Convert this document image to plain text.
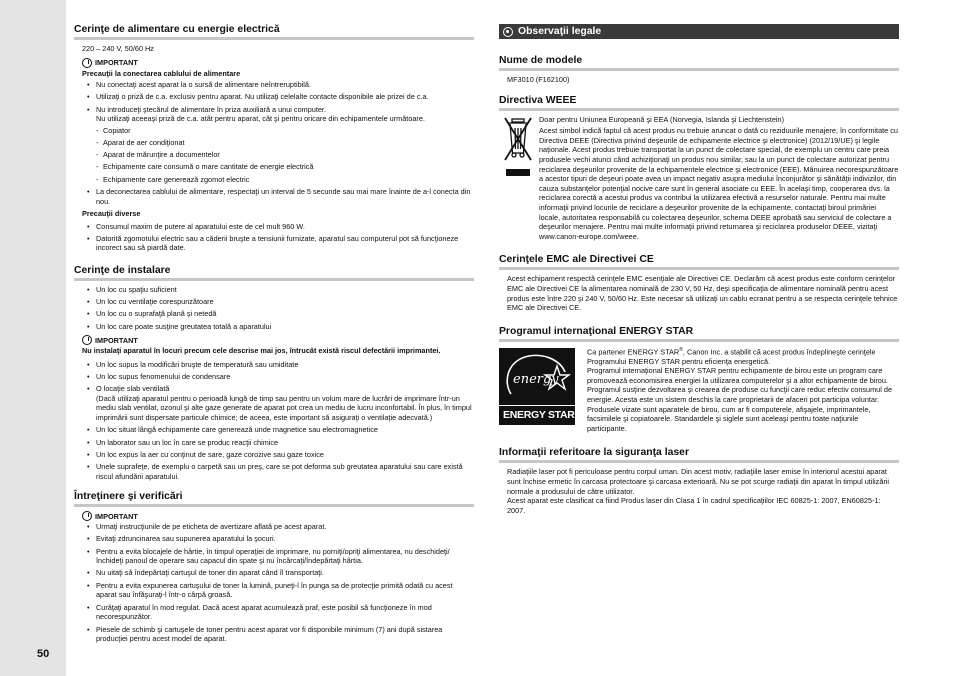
50
Cerinţe de alimentare cu energie electrică
220 – 240 V, 50/60 Hz
IMPORTANT
Precauţii la conectarea cablului de alimentare
• Nu conectaţi acest aparat la o sursă de alimentare neîntreruptibilă.
• Utilizaţi o priză de c.a. exclusiv pentru aparat. Nu utilizaţi celelalte contacte disponibile ale prizei de c.a.
• Nu introduceţi ştecărul de alimentare în priza auxiliară a unui computer.
Nu utilizaţi aceeaşi priză de c.a. atât pentru aparat, cât şi pentru oricare din echipamentele următoare.
- Copiator
- Aparat de aer condiţionat
- Aparat de mărunţire a documentelor
- Echipamente care consumă o mare cantitate de energie electrică
- Echipamente care generează zgomot electric
• La deconectarea cablului de alimentare, respectaţi un interval de 5 secunde sau mai mare înainte de a-l conecta din nou.
Precauţii diverse
• Consumul maxim de putere al aparatului este de cel mult 960 W.
• Datorită zgomotului electric sau a căderii bruşte a tensiunii furnizate, aparatul sau computerul pot să funcţioneze incorect sau să piardă date.
Cerinţe de instalare
• Un loc cu spaţiu suficient
• Un loc cu ventilaţie corespunzătoare
• Un loc cu o suprafaţă plană şi netedă
• Un loc care poate susţine greutatea totală a aparatului
IMPORTANT
Nu instalaţi aparatul în locuri precum cele descrise mai jos, întrucât există riscul defectării imprimantei.
• Un loc supus la modificări bruşte de temperatură sau umiditate
• Un loc supus fenomenului de condensare
• O locaţie slab ventilată
(Dacă utilizaţi aparatul pentru o perioadă lungă de timp sau pentru un volum mare de lucrări de imprimare într-un mediu slab ventilat, ozonul şi alte gaze generate de aparat pot crea un mediu de lucru inconfortabil. În plus, în timpul imprimării sunt dispersate particule chimice; de aceea, este important să asiguraţi o ventilaţie adecvată.)
• Un loc situat lângă echipamente care generează unde magnetice sau electromagnetice
• Un laborator sau un loc în care se produc reacţii chimice
• Un loc expus la aer cu conţinut de sare, gaze corozive sau gaze toxice
• Unele suprafeţe, de exemplu o carpetă sau un preş, care se pot deforma sub greutatea aparatului sau care există riscul afundării aparatului.
Întreţinere şi verificări
IMPORTANT
• Urmaţi instrucţiunile de pe eticheta de avertizare aflată pe acest aparat.
• Evitaţi zdruncinarea sau supunerea aparatului la şocuri.
• Pentru a evita blocajele de hârtie, în timpul operaţiei de imprimare, nu porniţi/opriţi alimentarea, nu deschideţi/închideţi panoul de operare sau capacul din spate şi nu încărcaţi/îndepărtaţi hârtia.
• Nu uitaţi să îndepărtaţi cartuşul de toner din aparat când îl transportaţi.
• Pentru a evita expunerea cartuşului de toner la lumină, puneţi-l în punga sa de protecţie primită odată cu acest aparat sau înfăşuraţi-l într-o cârpă groasă.
• Curăţaţi aparatul în mod regulat. Dacă acest aparat acumulează praf, este posibil să funcţioneze în mod necorespunzător.
• Piesele de schimb şi cartuşele de toner pentru acest aparat vor fi disponibile minimum (7) ani după sistarea producţiei pentru acest model de aparat.
Observaţii legale
Nume de modele
MF3010 (F162100)
Directiva WEEE
Doar pentru Uniunea Europeană şi EEA (Norvegia, Islanda şi Liechtenstein)
Acest simbol indică faptul că acest produs nu trebuie aruncat o dată cu reziduurile menajere, în conformitate cu Directiva DEEE (Directiva privind deşeurile de echipamente electrice şi electronice) (2012/19/UE) şi legile naţionale. Acest produs trebuie transportat la un punct de colectare special, de exemplu un centru care preia produsele vechi atunci când achiziţionaţi un produs nou similar, sau la un punct de colectare autorizat pentru reciclarea deşeurilor provenite de la echipamentele electrice şi electronice (EEE). Mânuirea necorespunzătoare a acestor tipuri de deşeuri poate avea un impact negativ asupra mediului înconjurător şi sănătăţii indivizilor, din cauza substanţelor potenţial nocive care sunt în general asociate cu EEE. În acelaşi timp, cooperarea dvs. la reciclarea corectă a acestui produs va contribui la utilizarea efectivă a resurselor naturale. Pentru mai multe informaţii privind locurile de reciclare a deşeurilor provenite de la echipamente, contactaţi biroul primăriei locale, autoritatea responsabilă cu colectarea deşeurilor, schema DEEE aprobată sau serviciul de colectare a deşeurilor menajere. Pentru mai multe informaţii privind returnarea şi reciclarea produselor DEEE, vizitaţi www.canon-europe.com/weee.
Cerinţele EMC ale Directivei CE
Acest echipament respectă cerinţele EMC esenţiale ale Directivei CE. Declarăm că acest produs este conform cerinţelor EMC ale Directivei CE la alimentarea nominală de 230 V, 50 Hz, deşi specificaţia de alimentare nominală pentru acest produs este între 220 şi 240 V, 50/60 Hz. Este necesar să utilizaţi un cablu ecranat pentru a se respecta cerinţele tehnice EMC ale Directivei CE.
Programul internaţional ENERGY STAR
energy
ENERGY STAR
Ca partener ENERGY STAR®, Canon Inc. a stabilit că acest produs îndeplineşte cerinţele Programului ENERGY STAR pentru eficienţa energetică.
Programul internaţional ENERGY STAR pentru echipamente de birou este un program care promovează economisirea energiei la utilizarea computerelor şi a altor echipamente de birou.
Programul susţine dezvoltarea şi crearea de produse cu funcţii care reduc efectiv consumul de energie. Acesta este un sistem deschis la care proprietarii de afaceri pot participa voluntar.
Produsele vizate sunt aparatele de birou, cum ar fi computerele, afişajele, imprimantele, facsimilele şi copiatoarele. Standardele şi siglele sunt aceleaşi pentru toate naţiunile participante.
Informaţii referitoare la siguranţa laser
Radiaţiile laser pot fi periculoase pentru corpul uman. Din acest motiv, radiaţiile laser emise în interiorul acestui aparat sunt închise ermetic în carcasa protectoare şi carcasa exterioară. Nu se pot scurge radiaţii din aparat în timpul utilizării normale a produsului de către utilizator.
Acest aparat este clasificat ca fiind Produs laser din Clasa 1 în cadrul specificaţiilor IEC 60825-1: 2007, EN60825-1: 2007.
